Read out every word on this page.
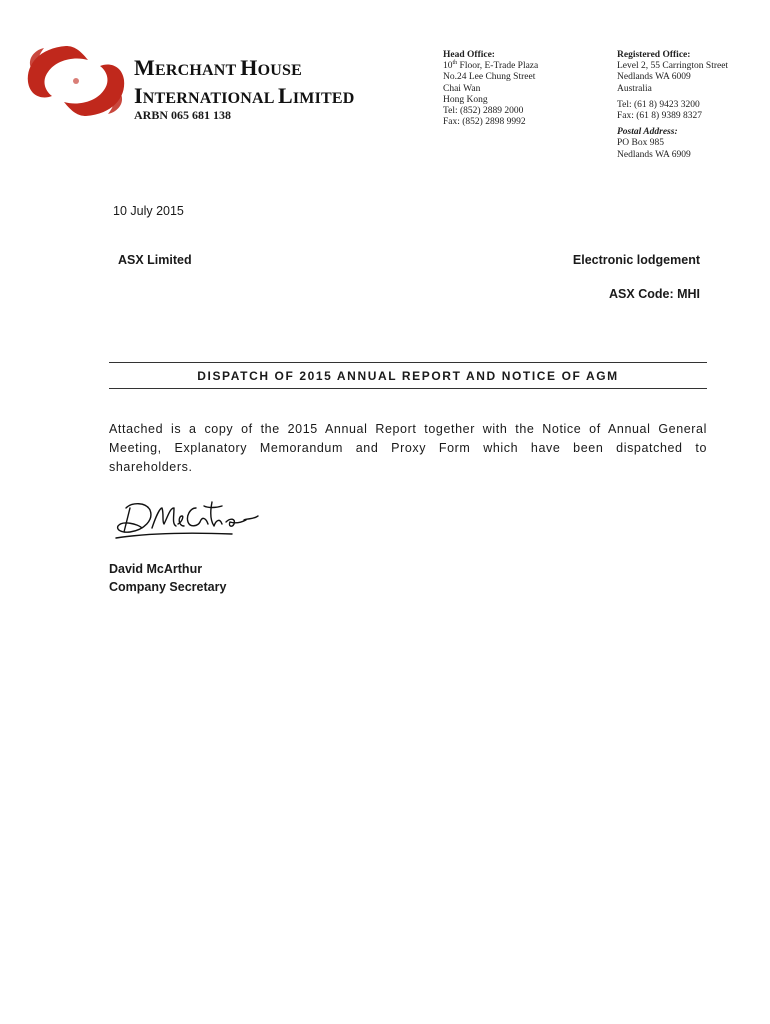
MERCHANT HOUSE
INTERNATIONAL LIMITED
ARBN 065 681 138
Head Office:
10th Floor, E-Trade Plaza
No.24 Lee Chung Street
Chai Wan
Hong Kong
Tel: (852) 2889 2000
Fax: (852) 2898 9992
Registered Office:
Level 2, 55 Carrington Street
Nedlands WA 6009
Australia
Tel: (61 8) 9423 3200
Fax: (61 8) 9389 8327
Postal Address:
PO Box 985
Nedlands WA 6909
10 July 2015
ASX Limited	Electronic lodgement
ASX Code: MHI
DISPATCH OF 2015 ANNUAL REPORT AND NOTICE OF AGM
Attached is a copy of the 2015 Annual Report together with the Notice of Annual General Meeting, Explanatory Memorandum and Proxy Form which have been dispatched to shareholders.
David McArthur
Company Secretary
